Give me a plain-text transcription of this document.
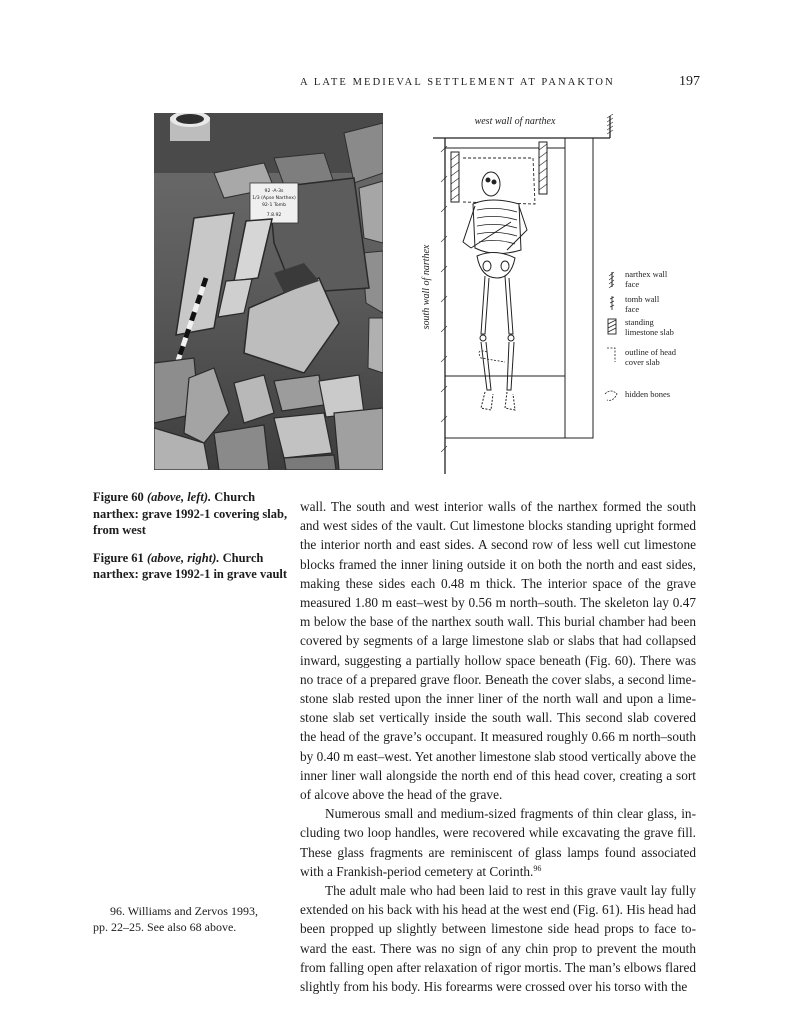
A LATE MEDIEVAL SETTLEMENT AT PANAKTON	197
92 -A-3s
1/3 (Apse Narthex)
92-1 Tomb
7.8.92
west wall of narthex
south wall of narthex	narthex wall
face
tomb wall
face
standing
limestone slab
outline of head
cover slab
hidden bones

Figure 60 (above, left). Church narthex: grave 1992-1 covering slab, from west

Figure 61 (above, right). Church narthex: grave 1992-1 in grave vault

wall. The south and west interior walls of the narthex formed the south and west sides of the vault. Cut limestone blocks standing upright formed the interior north and east sides. A second row of less well cut limestone blocks framed the inner lining outside it on both the north and east sides, making these sides each 0.48 m thick. The interior space of the grave measured 1.80 m east–west by 0.56 m north–south. The skeleton lay 0.47 m below the base of the narthex south wall. This burial chamber had been covered by segments of a large limestone slab or slabs that had collapsed inward, suggesting a partially hollow space beneath (Fig. 60). There was no trace of a prepared grave floor. Beneath the cover slabs, a second limestone slab rested upon the inner liner of the north wall and upon a limestone slab set vertically inside the south wall. This second slab covered the head of the grave’s occupant. It measured roughly 0.66 m north–south by 0.40 m east–west. Yet another limestone slab stood vertically above the inner liner wall alongside the north end of this head cover, creating a sort of alcove above the head of the grave.

Numerous small and medium-sized fragments of thin clear glass, including two loop handles, were recovered while excavating the grave fill. These glass fragments are reminiscent of glass lamps found associated with a Frankish-period cemetery at Corinth.$^{96}$

The adult male who had been laid to rest in this grave vault lay fully extended on his back with his head at the west end (Fig. 61). His head had been propped up slightly between limestone side head props to face toward the east. There was no sign of any chin prop to prevent the mouth from falling open after relaxation of rigor mortis. The man’s elbows flared slightly from his body. His forearms were crossed over his torso with the

96. Williams and Zervos 1993,
pp. 22–25. See also 68 above.
